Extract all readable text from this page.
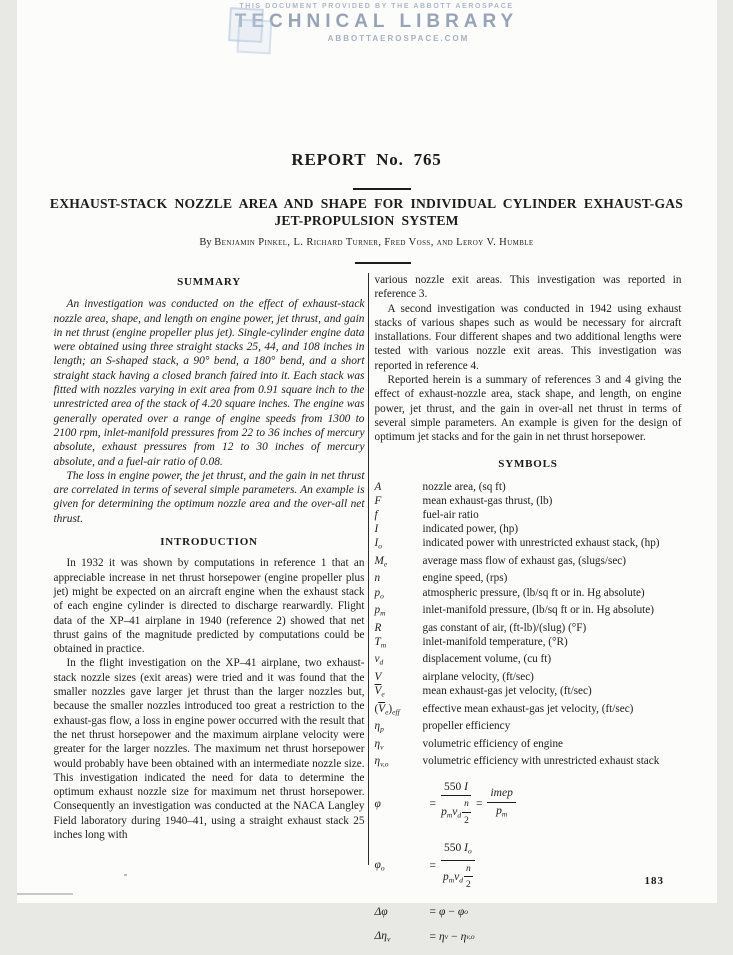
THIS DOCUMENT PROVIDED BY THE ABBOTT AEROSPACE
TECHNICAL LIBRARY
ABBOTTAEROSPACE.COM
REPORT No. 765
EXHAUST-STACK NOZZLE AREA AND SHAPE FOR INDIVIDUAL CYLINDER EXHAUST-GAS
JET-PROPULSION SYSTEM
By Benjamin Pinkel, L. Richard Turner, Fred Voss, and Leroy V. Humble
SUMMARY

An investigation was conducted on the effect of exhaust-stack nozzle area, shape, and length on engine power, jet thrust, and gain in net thrust (engine propeller plus jet). Single-cylinder engine data were obtained using three straight stacks 25, 44, and 108 inches in length; an S-shaped stack, a 90° bend, a 180° bend, and a short straight stack having a closed branch faired into it. Each stack was fitted with nozzles varying in exit area from 0.91 square inch to the unrestricted area of the stack of 4.20 square inches. The engine was generally operated over a range of engine speeds from 1300 to 2100 rpm, inlet-manifold pressures from 22 to 36 inches of mercury absolute, exhaust pressures from 12 to 30 inches of mercury absolute, and a fuel-air ratio of 0.08.

The loss in engine power, the jet thrust, and the gain in net thrust are correlated in terms of several simple parameters. An example is given for determining the optimum nozzle area and the over-all net thrust.

INTRODUCTION

In 1932 it was shown by computations in reference 1 that an appreciable increase in net thrust horsepower (engine propeller plus jet) might be expected on an aircraft engine when the exhaust stack of each engine cylinder is directed to discharge rearwardly. Flight data of the XP–41 airplane in 1940 (reference 2) showed that net thrust gains of the magnitude predicted by computations could be obtained in practice.

In the flight investigation on the XP–41 airplane, two exhaust-stack nozzle sizes (exit areas) were tried and it was found that the smaller nozzles gave larger jet thrust than the larger nozzles but, because the smaller nozzles introduced too great a restriction to the exhaust-gas flow, a loss in engine power occurred with the result that the net thrust horsepower and the maximum airplane velocity were greater for the larger nozzles. The maximum net thrust horsepower would probably have been obtained with an intermediate nozzle size. This investigation indicated the need for data to determine the optimum exhaust nozzle size for maximum net thrust horsepower. Consequently an investigation was conducted at the NACA Langley Field laboratory during 1940–41, using a straight exhaust stack 25 inches long with

various nozzle exit areas. This investigation was reported in reference 3.

A second investigation was conducted in 1942 using exhaust stacks of various shapes such as would be necessary for aircraft installations. Four different shapes and two additional lengths were tested with various nozzle exit areas. This investigation was reported in reference 4.

Reported herein is a summary of references 3 and 4 giving the effect of exhaust-nozzle area, stack shape, and length, on engine power, jet thrust, and the gain in over-all net thrust in terms of several simple parameters. An example is given for the design of optimum jet stacks and for the gain in net thrust horsepower.

SYMBOLS
A	nozzle area, (sq ft)
F	mean exhaust-gas thrust, (lb)
f	fuel-air ratio
I	indicated power, (hp)
$I_o$	indicated power with unrestricted exhaust stack, (hp)
$M_e$	average mass flow of exhaust gas, (slugs/sec)
n	engine speed, (rps)
$p_o$	atmospheric pressure, (lb/sq ft or in. Hg absolute)
$p_m$	inlet-manifold pressure, (lb/sq ft or in. Hg absolute)
R	gas constant of air, (ft-lb)/(slug) (°F)
$T_m$	inlet-manifold temperature, (°R)
$v_d$	displacement volume, (cu ft)
V	airplane velocity, (ft/sec)
$\overline{V}_e$	mean exhaust-gas jet velocity, (ft/sec)
$(\overline{V}_e)_{eff}$	effective mean exhaust-gas jet velocity, (ft/sec)
$\eta_p$	propeller efficiency
$\eta_v$	volumetric efficiency of engine
$\eta_{v,o}$	volumetric efficiency with unrestricted exhaust stack
φ	= $\frac{550 I}{p_mv_d \frac{n}{2}} = \frac{\text{imep}}{p_m}$
$\varphi_o$	= $\frac{550 I_o}{p_mv_d \frac{n}{2}}$
Δφ	= φ − φ o
$\Delta\eta_v$	= η v − η v,o
183
